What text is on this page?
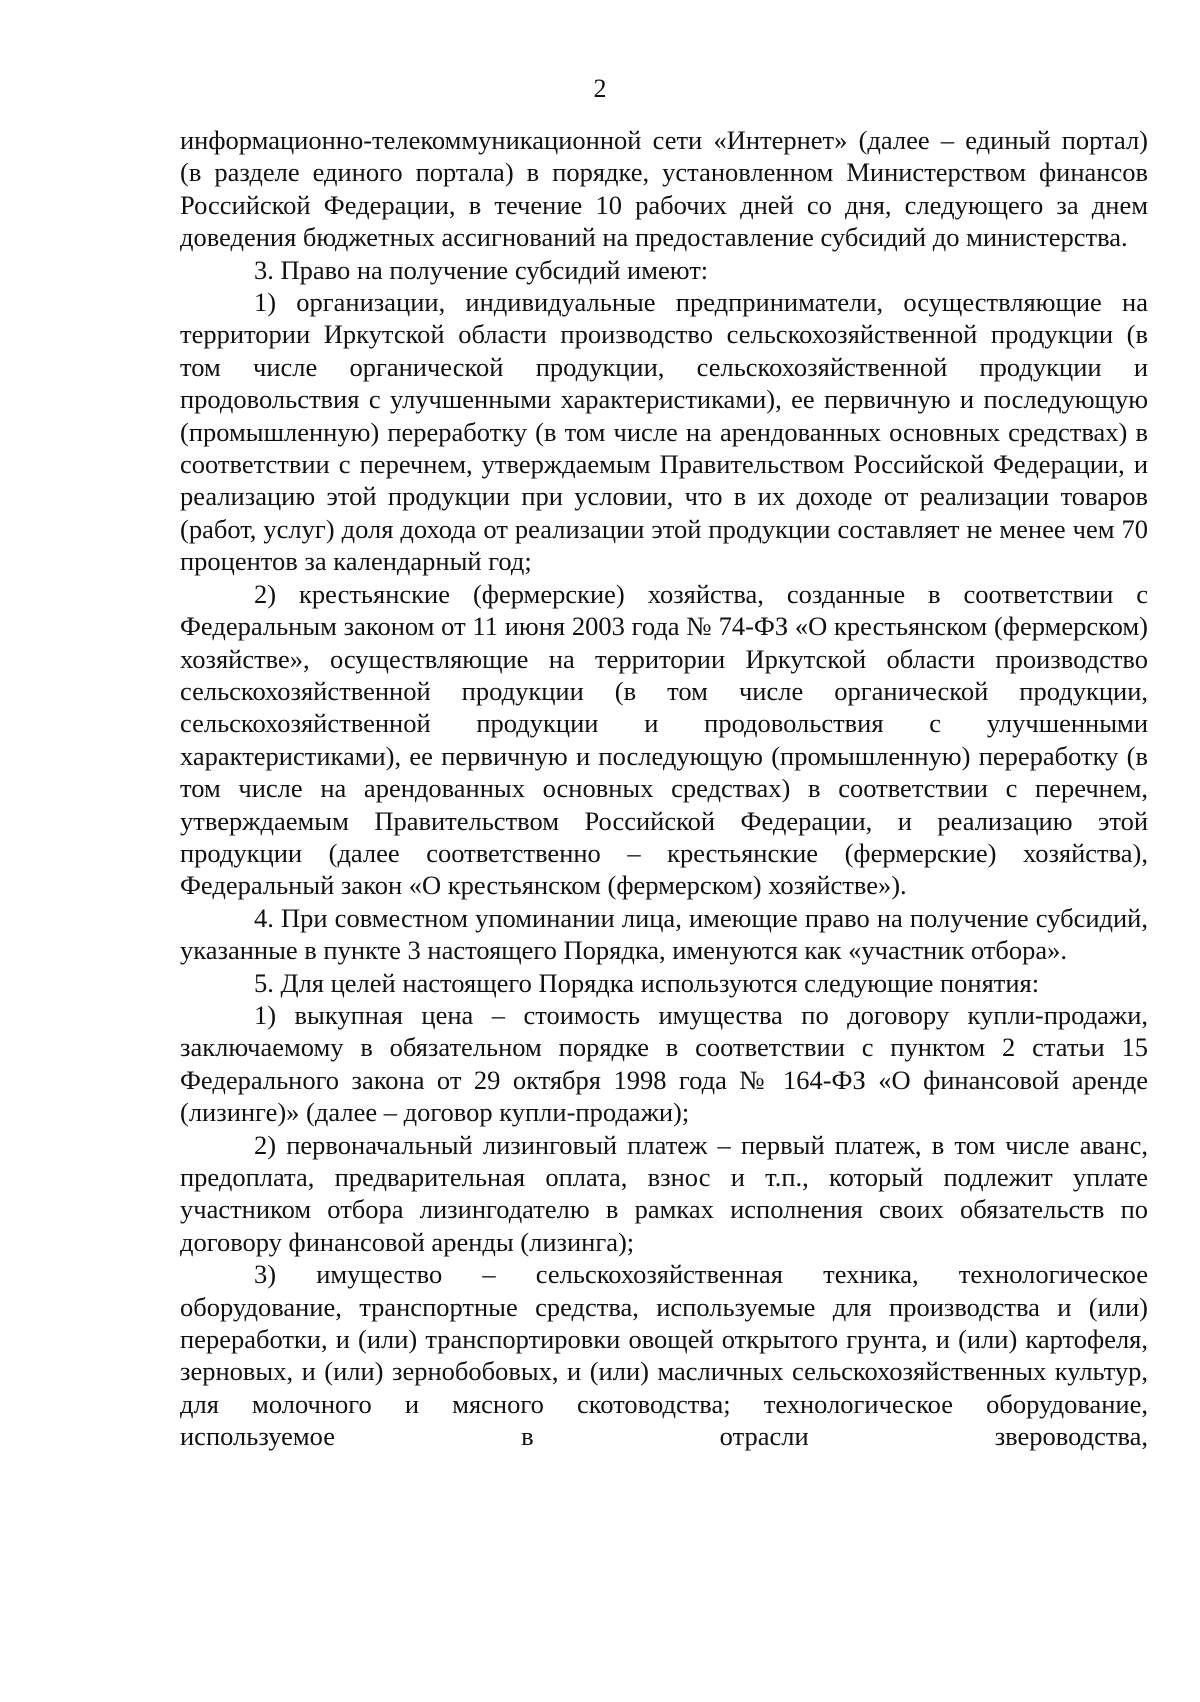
2

информационно-телекоммуникационной сети «Интернет» (далее – единый портал) (в разделе единого портала) в порядке, установленном Министерством финансов Российской Федерации, в течение 10 рабочих дней со дня, следующего за днем доведения бюджетных ассигнований на предоставление субсидий до министерства.

3. Право на получение субсидий имеют:

1) организации, индивидуальные предприниматели, осуществляющие на территории Иркутской области производство сельскохозяйственной продукции (в том числе органической продукции, сельскохозяйственной продукции и продовольствия с улучшенными характеристиками), ее первичную и последующую (промышленную) переработку (в том числе на арендованных основных средствах) в соответствии с перечнем, утверждаемым Правительством Российской Федерации, и реализацию этой продукции при условии, что в их доходе от реализации товаров (работ, услуг) доля дохода от реализации этой продукции составляет не менее чем 70 процентов за календарный год;

2) крестьянские (фермерские) хозяйства, созданные в соответствии с Федеральным законом от 11 июня 2003 года № 74-ФЗ «О крестьянском (фермерском) хозяйстве», осуществляющие на территории Иркутской области производство сельскохозяйственной продукции (в том числе органической продукции, сельскохозяйственной продукции и продовольствия с улучшенными характеристиками), ее первичную и последующую (промышленную) переработку (в том числе на арендованных основных средствах) в соответствии с перечнем, утверждаемым Правительством Российской Федерации, и реализацию этой продукции (далее соответственно – крестьянские (фермерские) хозяйства), Федеральный закон «О крестьянском (фермерском) хозяйстве»).

4. При совместном упоминании лица, имеющие право на получение субсидий, указанные в пункте 3 настоящего Порядка, именуются как «участник отбора».

5. Для целей настоящего Порядка используются следующие понятия:

1) выкупная цена – стоимость имущества по договору купли-продажи, заключаемому в обязательном порядке в соответствии с пунктом 2 статьи 15 Федерального закона от 29 октября 1998 года № 164-ФЗ «О финансовой аренде (лизинге)» (далее – договор купли-продажи);

2) первоначальный лизинговый платеж – первый платеж, в том числе аванс, предоплата, предварительная оплата, взнос и т.п., который подлежит уплате участником отбора лизингодателю в рамках исполнения своих обязательств по договору финансовой аренды (лизинга);

3) имущество – сельскохозяйственная техника, технологическое оборудование, транспортные средства, используемые для производства и (или) переработки, и (или) транспортировки овощей открытого грунта, и (или) картофеля, зерновых, и (или) зернобобовых, и (или) масличных сельскохозяйственных культур, для молочного и мясного скотоводства; технологическое оборудование, используемое в отрасли звероводства,
